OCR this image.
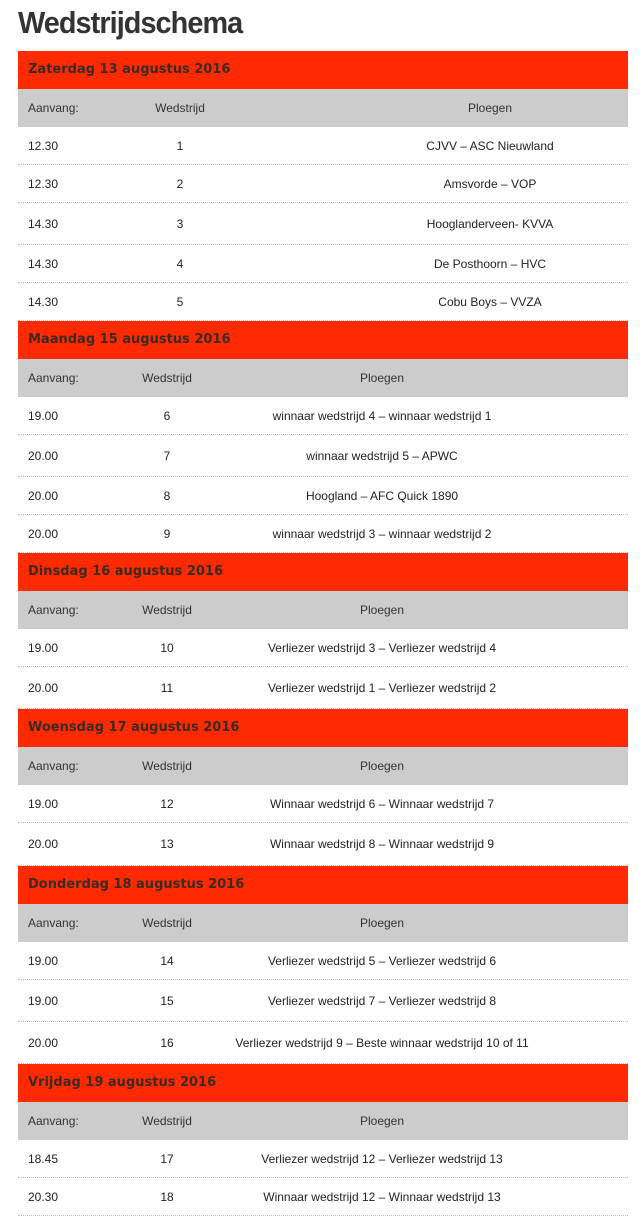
Wedstrijdschema
Zaterdag 13 augustus 2016
Aanvang:	Wedstrijd	Ploegen
12.30	1	CJVV – ASC Nieuwland
12.30	2	Amsvorde – VOP
14.30	3	Hooglanderveen- KVVA
14.30	4	De Posthoorn – HVC
14.30	5	Cobu Boys – VVZA
Maandag 15 augustus 2016
Aanvang:	Wedstrijd	Ploegen
19.00	6	winnaar wedstrijd 4 – winnaar wedstrijd 1
20.00	7	winnaar wedstrijd 5 – APWC
20.00	8	Hoogland – AFC Quick 1890
20.00	9	winnaar wedstrijd 3 – winnaar wedstrijd 2
Dinsdag 16 augustus 2016
Aanvang:	Wedstrijd	Ploegen
19.00	10	Verliezer wedstrijd 3 – Verliezer wedstrijd 4
20.00	11	Verliezer wedstrijd 1 – Verliezer wedstrijd 2
Woensdag 17 augustus 2016
Aanvang:	Wedstrijd	Ploegen
19.00	12	Winnaar wedstrijd 6 – Winnaar wedstrijd 7
20.00	13	Winnaar wedstrijd 8 – Winnaar wedstrijd 9
Donderdag 18 augustus 2016
Aanvang:	Wedstrijd	Ploegen
19.00	14	Verliezer wedstrijd 5 – Verliezer wedstrijd 6
19.00	15	Verliezer wedstrijd 7 – Verliezer wedstrijd 8
20.00	16	Verliezer wedstrijd 9 – Beste winnaar wedstrijd 10 of 11
Vrijdag 19 augustus 2016
Aanvang:	Wedstrijd	Ploegen
18.45	17	Verliezer wedstrijd 12 – Verliezer wedstrijd 13
20.30	18	Winnaar wedstrijd 12 – Winnaar wedstrijd 13
